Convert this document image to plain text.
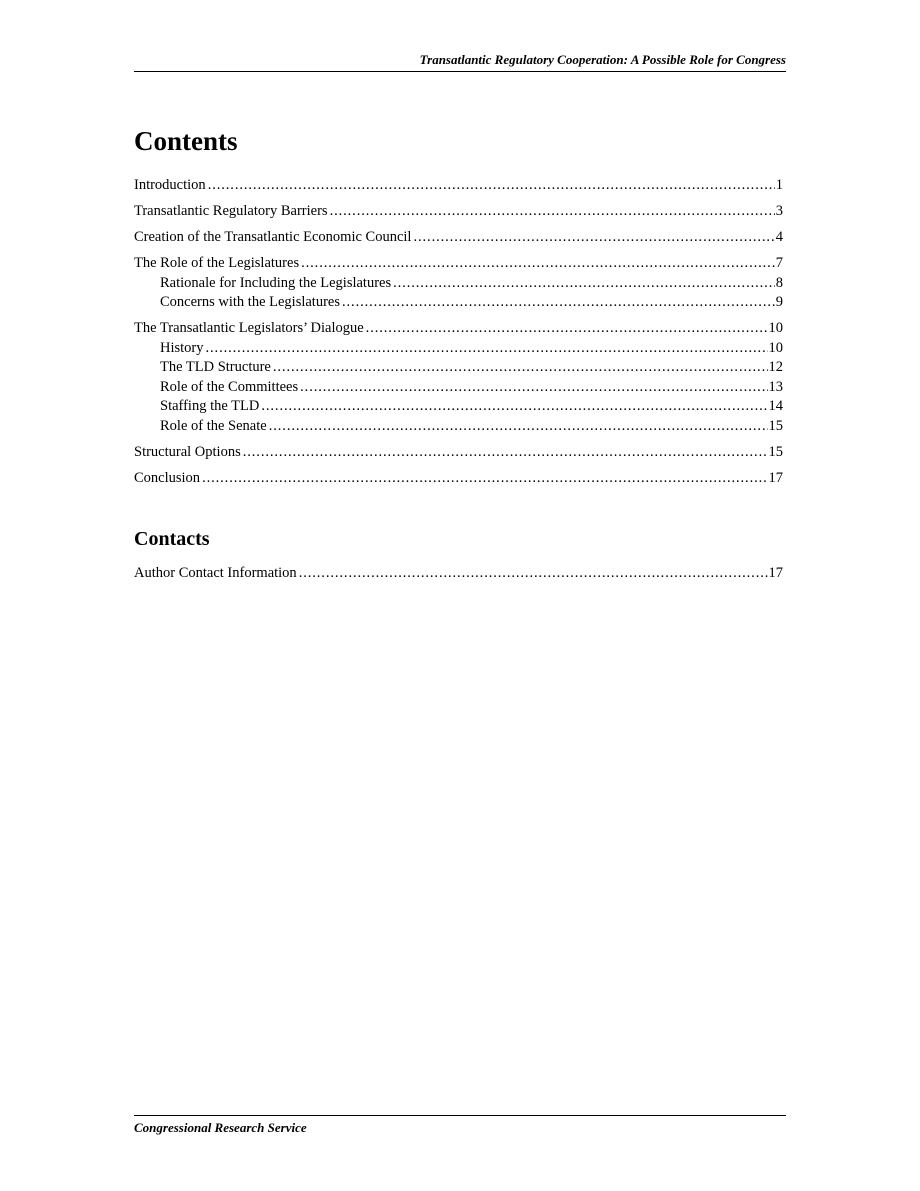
Transatlantic Regulatory Cooperation: A Possible Role for Congress
Contents
Introduction .....	1
Transatlantic Regulatory Barriers .....	3
Creation of the Transatlantic Economic Council .....	4
The Role of the Legislatures .....	7
Rationale for Including the Legislatures .....	8
Concerns with the Legislatures .....	9
The Transatlantic Legislators’ Dialogue .....	10
History .....	10
The TLD Structure .....	12
Role of the Committees .....	13
Staffing the TLD .....	14
Role of the Senate .....	15
Structural Options .....	15
Conclusion .....	17
Contacts
Author Contact Information .....	17
Congressional Research Service
